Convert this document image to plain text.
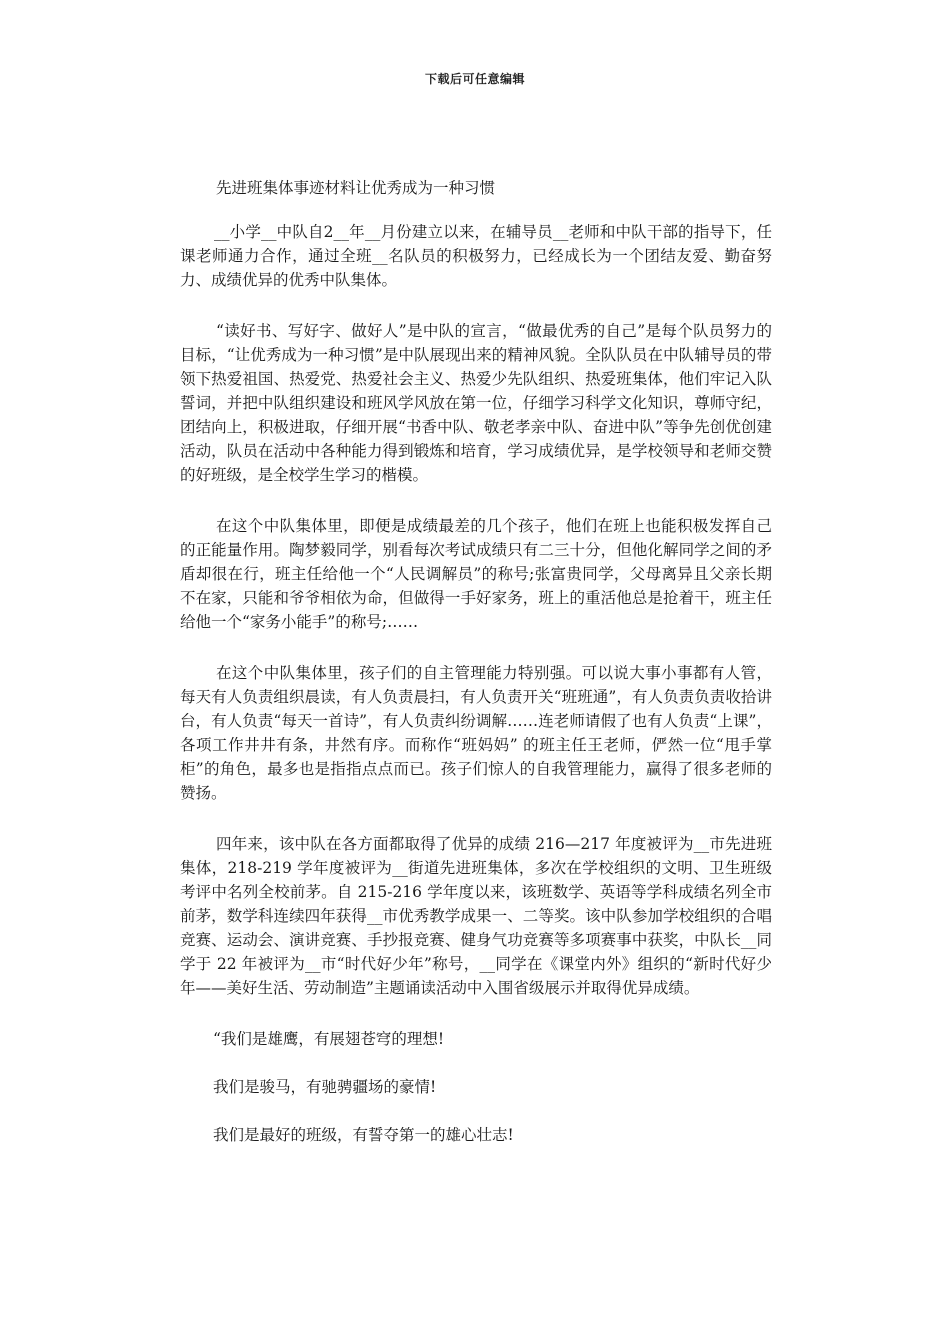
下载后可任意编辑
先进班集体事迹材料让优秀成为一种习惯

__小学__中队自2__年__月份建立以来，在辅导员__老师和中队干部的指导下，任课老师通力合作，通过全班__名队员的积极努力，已经成长为一个团结友爱、勤奋努力、成绩优异的优秀中队集体。

“读好书、写好字、做好人”是中队的宣言，“做最优秀的自己”是每个队员努力的目标，“让优秀成为一种习惯”是中队展现出来的精神风貌。全队队员在中队辅导员的带领下热爱祖国、热爱党、热爱社会主义、热爱少先队组织、热爱班集体，他们牢记入队誓词，并把中队组织建设和班风学风放在第一位，仔细学习科学文化知识，尊师守纪，团结向上，积极进取，仔细开展“书香中队、敬老孝亲中队、奋进中队”等争先创优创建活动，队员在活动中各种能力得到锻炼和培育，学习成绩优异，是学校领导和老师交赞的好班级，是全校学生学习的楷模。

在这个中队集体里，即便是成绩最差的几个孩子，他们在班上也能积极发挥自己的正能量作用。陶梦毅同学，别看每次考试成绩只有二三十分，但他化解同学之间的矛盾却很在行，班主任给他一个“人民调解员”的称号;张富贵同学，父母离异且父亲长期不在家，只能和爷爷相依为命，但做得一手好家务，班上的重活他总是抢着干，班主任给他一个“家务小能手”的称号;……

在这个中队集体里，孩子们的自主管理能力特别强。可以说大事小事都有人管，每天有人负责组织晨读，有人负责晨扫，有人负责开关“班班通”，有人负责负责收拾讲台，有人负责“每天一首诗”，有人负责纠纷调解……连老师请假了也有人负责“上课”，各项工作井井有条，井然有序。而称作“班妈妈” 的班主任王老师，俨然一位“甩手掌柜”的角色，最多也是指指点点而已。孩子们惊人的自我管理能力，赢得了很多老师的赞扬。

四年来，该中队在各方面都取得了优异的成绩 216—217 年度被评为__市先进班集体，218-219 学年度被评为__街道先进班集体，多次在学校组织的文明、卫生班级考评中名列全校前茅。自 215-216 学年度以来，该班数学、英语等学科成绩名列全市前茅，数学科连续四年获得__市优秀教学成果一、二等奖。该中队参加学校组织的合唱竞赛、运动会、演讲竞赛、手抄报竞赛、健身气功竞赛等多项赛事中获奖，中队长__同学于 22 年被评为__市“时代好少年”称号，__同学在《课堂内外》组织的“新时代好少年——美好生活、劳动制造”主题诵读活动中入围省级展示并取得优异成绩。

“我们是雄鹰，有展翅苍穹的理想!

我们是骏马，有驰骋疆场的豪情!

我们是最好的班级，有誓夺第一的雄心壮志!
